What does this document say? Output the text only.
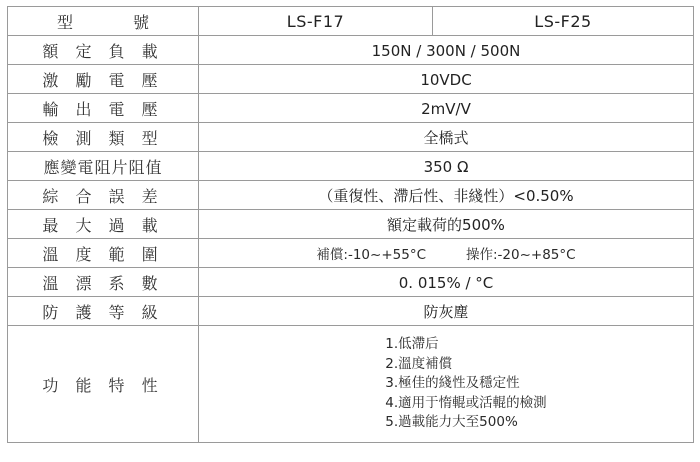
型 號	LS-F17	LS-F25
額 定 負 載	150N / 300N / 500N	
激 勵 電 壓	10VDC	
輸 出 電 壓	2mV/V	
檢 測 類 型	全橋式	
應變電阻片阻值	350 Ω	
綜 合 誤 差	（重復性、滯后性、非綫性）<0.50%	
最 大 過 載	額定載荷的500%	
溫 度 範 圍	補償:-10~+55°C 操作:-20~+85°C	

溫 漂 系 數	0. 015% / °C	
防 護 等 級	防灰塵	
功 能 特 性	1.低滯后
2.溫度補償
3.極佳的綫性及穩定性
4.適用于惰輥或活輥的檢測
5.過載能力大至500%	
